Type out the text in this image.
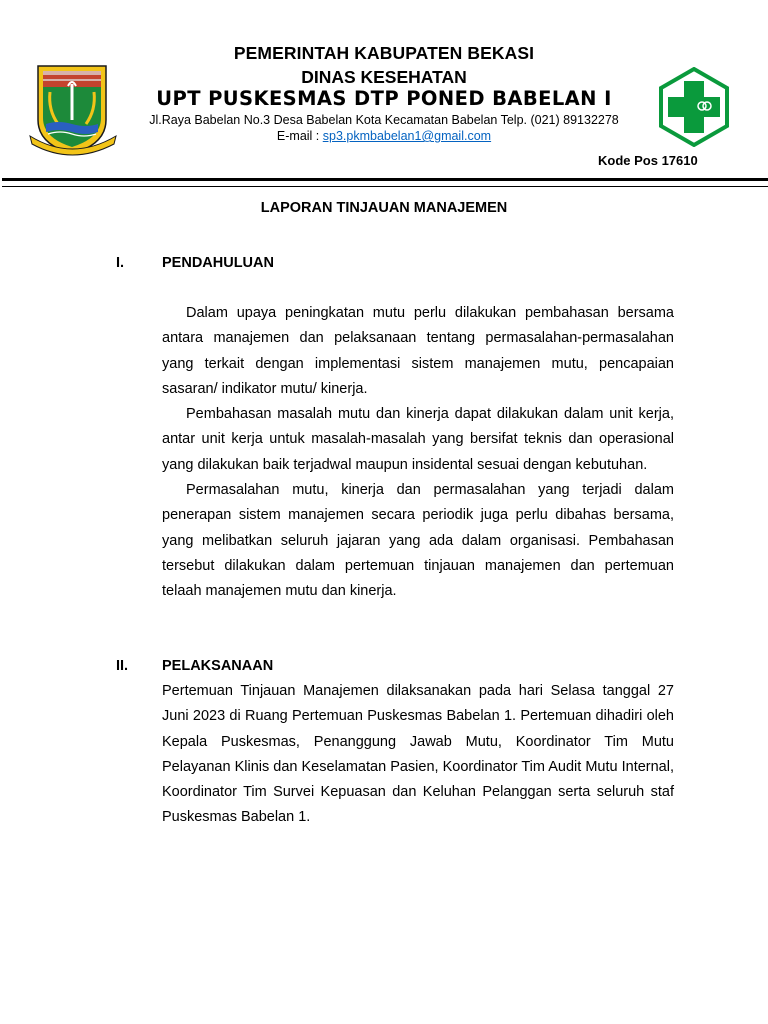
PEMERINTAH KABUPATEN BEKASI
DINAS KESEHATAN
UPT PUSKESMAS DTP PONED BABELAN I
Jl.Raya Babelan No.3 Desa Babelan Kota Kecamatan Babelan Telp. (021) 89132278
E-mail : sp3.pkmbabelan1@gmail.com
Kode Pos 17610
LAPORAN TINJAUAN MANAJEMEN
I.	PENDAHULUAN

Dalam upaya peningkatan mutu perlu dilakukan pembahasan bersama antara manajemen dan pelaksanaan tentang permasalahan-permasalahan yang terkait dengan implementasi sistem manajemen mutu, pencapaian sasaran/ indikator mutu/ kinerja.

Pembahasan masalah mutu dan kinerja dapat dilakukan dalam unit kerja, antar unit kerja untuk masalah-masalah yang bersifat teknis dan operasional yang dilakukan baik terjadwal maupun insidental sesuai dengan kebutuhan.

Permasalahan mutu, kinerja dan permasalahan yang terjadi dalam penerapan sistem manajemen secara periodik juga perlu dibahas bersama, yang melibatkan seluruh jajaran yang ada dalam organisasi. Pembahasan tersebut dilakukan dalam pertemuan tinjauan manajemen dan pertemuan telaah manajemen mutu dan kinerja.

II. PELAKSANAAN

Pertemuan Tinjauan Manajemen dilaksanakan pada hari Selasa tanggal 27 Juni 2023 di Ruang Pertemuan Puskesmas Babelan 1. Pertemuan dihadiri oleh Kepala Puskesmas, Penanggung Jawab Mutu, Koordinator Tim Mutu Pelayanan Klinis dan Keselamatan Pasien, Koordinator Tim Audit Mutu Internal, Koordinator Tim Survei Kepuasan dan Keluhan Pelanggan serta seluruh staf Puskesmas Babelan 1.
